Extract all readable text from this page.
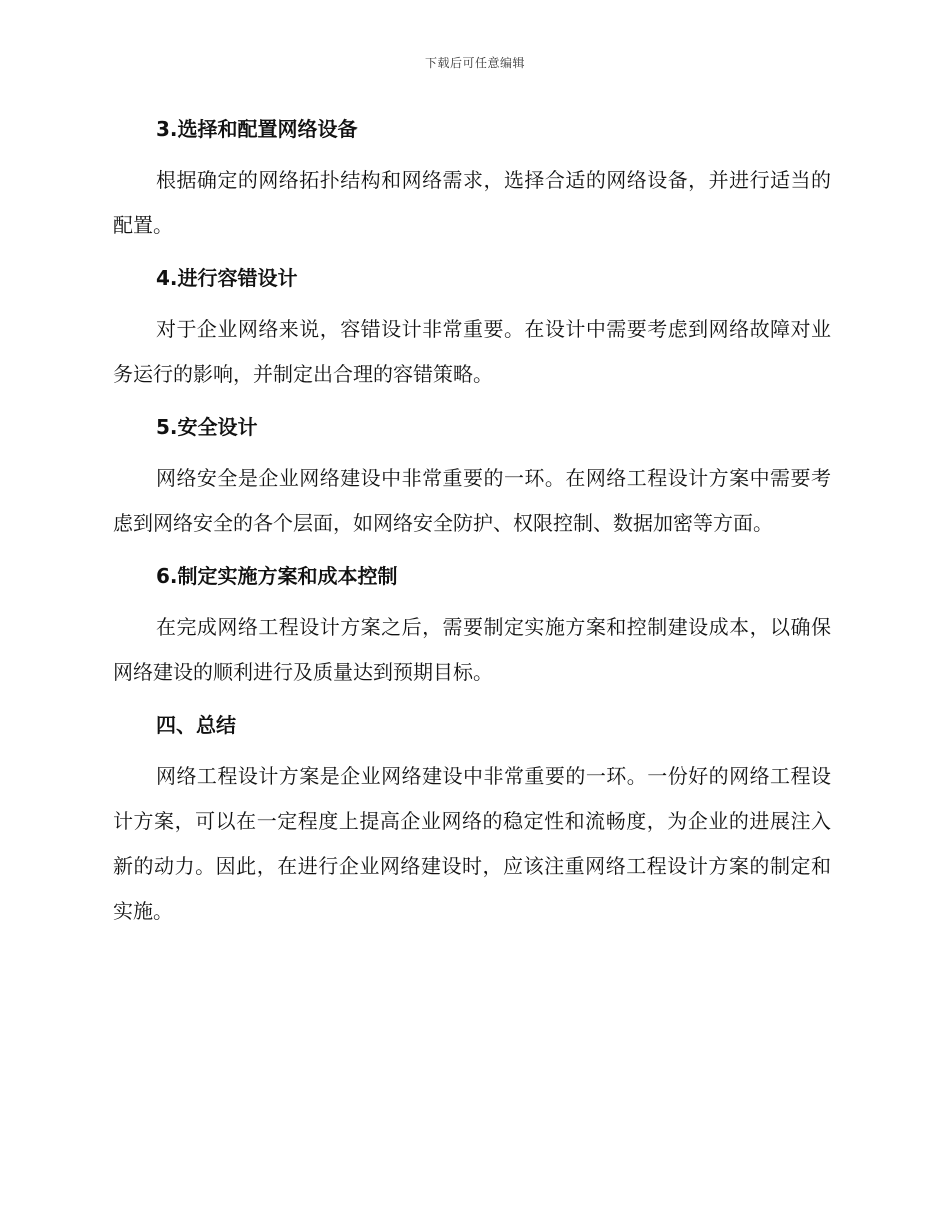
下载后可任意编辑
3.选择和配置网络设备

根据确定的网络拓扑结构和网络需求，选择合适的网络设备，并进行适当的配置。

4.进行容错设计

对于企业网络来说，容错设计非常重要。在设计中需要考虑到网络故障对业务运行的影响，并制定出合理的容错策略。

5.安全设计

网络安全是企业网络建设中非常重要的一环。在网络工程设计方案中需要考虑到网络安全的各个层面，如网络安全防护、权限控制、数据加密等方面。

6.制定实施方案和成本控制

在完成网络工程设计方案之后，需要制定实施方案和控制建设成本，以确保网络建设的顺利进行及质量达到预期目标。

四、总结

网络工程设计方案是企业网络建设中非常重要的一环。一份好的网络工程设计方案，可以在一定程度上提高企业网络的稳定性和流畅度，为企业的进展注入新的动力。因此，在进行企业网络建设时，应该注重网络工程设计方案的制定和实施。
